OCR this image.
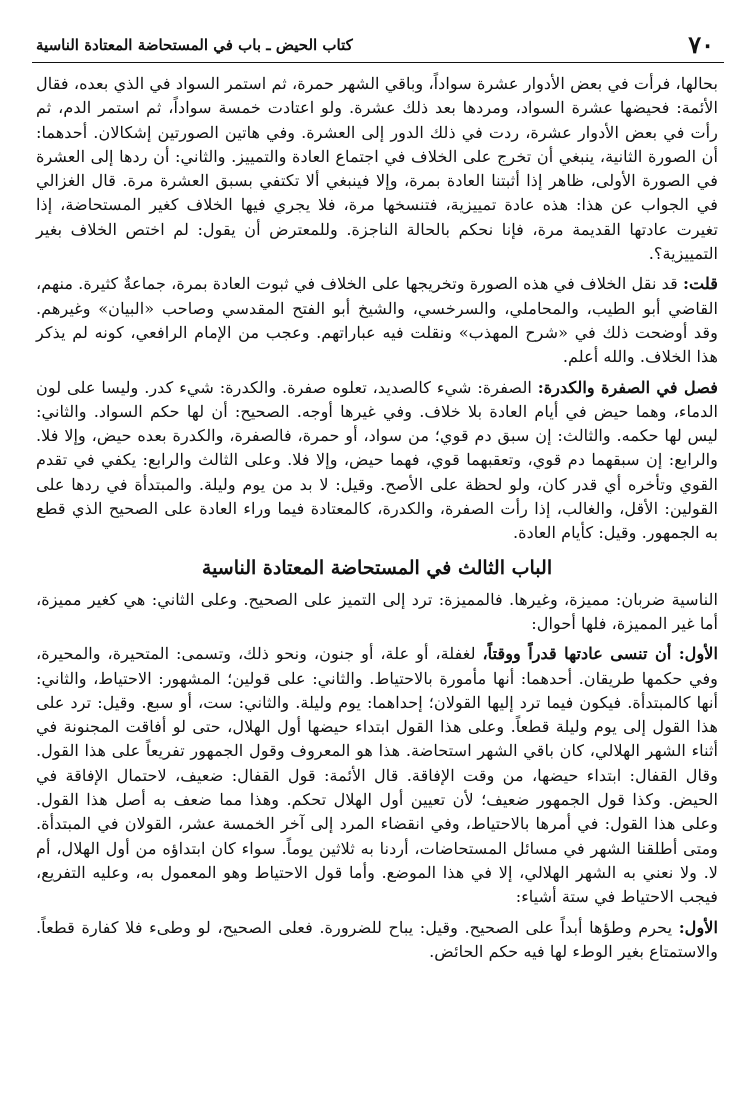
٧٠
كتاب الحيض ـ باب في المستحاضة المعتادة الناسية

بحالها، فرأت في بعض الأدوار عشرة سواداً، وباقي الشهر حمرة، ثم استمر السواد في الذي بعده، فقال الأئمة: فحيضها عشرة السواد، ومردها بعد ذلك عشرة. ولو اعتادت خمسة سواداً، ثم استمر الدم، ثم رأت في بعض الأدوار عشرة، ردت في ذلك الدور إلى العشرة. وفي هاتين الصورتين إشكالان. أحدهما: أن الصورة الثانية، ينبغي أن تخرج على الخلاف في اجتماع العادة والتمييز. والثاني: أن ردها إلى العشرة في الصورة الأولى، ظاهر إذا أثبتنا العادة بمرة، وإلا فينبغي ألا تكتفي بسبق العشرة مرة. قال الغزالي في الجواب عن هذا: هذه عادة تمييزية، فتنسخها مرة، فلا يجري فيها الخلاف كغير المستحاضة، إذا تغيرت عادتها القديمة مرة، فإنا نحكم بالحالة الناجزة. وللمعترض أن يقول: لم اختص الخلاف بغير التمييزية؟.

قلت: قد نقل الخلاف في هذه الصورة وتخريجها على الخلاف في ثبوت العادة بمرة، جماعةٌ كثيرة. منهم، القاضي أبو الطيب، والمحاملي، والسرخسي، والشيخ أبو الفتح المقدسي وصاحب «البيان» وغيرهم. وقد أوضحت ذلك في «شرح المهذب» ونقلت فيه عباراتهم. وعجب من الإمام الرافعي، كونه لم يذكر هذا الخلاف. والله أعلم.

فصل في الصفرة والكدرة: الصفرة: شيء كالصديد، تعلوه صفرة. والكدرة: شيء كدر. وليسا على لون الدماء، وهما حيض في أيام العادة بلا خلاف. وفي غيرها أوجه. الصحيح: أن لها حكم السواد. والثاني: ليس لها حكمه. والثالث: إن سبق دم قوي؛ من سواد، أو حمرة، فالصفرة، والكدرة بعده حيض، وإلا فلا. والرابع: إن سبقهما دم قوي، وتعقبهما قوي، فهما حيض، وإلا فلا. وعلى الثالث والرابع: يكفي في تقدم القوي وتأخره أي قدر كان، ولو لحظة على الأصح. وقيل: لا بد من يوم وليلة. والمبتدأة في ردها على القولين: الأقل، والغالب، إذا رأت الصفرة، والكدرة، كالمعتادة فيما وراء العادة على الصحيح الذي قطع به الجمهور. وقيل: كأيام العادة.

الباب الثالث في المستحاضة المعتادة الناسية

الناسية ضربان: مميزة، وغيرها. فالمميزة: ترد إلى التميز على الصحيح. وعلى الثاني: هي كغير مميزة، أما غير المميزة، فلها أحوال:

الأول: أن تنسى عادتها قدراً ووقتاً، لغفلة، أو علة، أو جنون، ونحو ذلك، وتسمى: المتحيرة، والمحيرة، وفي حكمها طريقان. أحدهما: أنها مأمورة بالاحتياط. والثاني: على قولين؛ المشهور: الاحتياط، والثاني: أنها كالمبتدأة. فيكون فيما ترد إليها القولان؛ إحداهما: يوم وليلة. والثاني: ست، أو سبع. وقيل: ترد على هذا القول إلى يوم وليلة قطعاً. وعلى هذا القول ابتداء حيضها أول الهلال، حتى لو أفاقت المجنونة في أثناء الشهر الهلالي، كان باقي الشهر استحاضة. هذا هو المعروف وقول الجمهور تفريعاً على هذا القول. وقال القفال: ابتداء حيضها، من وقت الإفاقة. قال الأئمة: قول القفال: ضعيف، لاحتمال الإفاقة في الحيض. وكذا قول الجمهور ضعيف؛ لأن تعيين أول الهلال تحكم. وهذا مما ضعف به أصل هذا القول. وعلى هذا القول: في أمرها بالاحتياط، وفي انقضاء المرد إلى آخر الخمسة عشر، القولان في المبتدأة. ومتى أطلقنا الشهر في مسائل المستحاضات، أردنا به ثلاثين يوماً. سواء كان ابتداؤه من أول الهلال، أم لا. ولا نعني به الشهر الهلالي، إلا في هذا الموضع. وأما قول الاحتياط وهو المعمول به، وعليه التفريع، فيجب الاحتياط في ستة أشياء:

الأول: يحرم وطؤها أبداً على الصحيح. وقيل: يباح للضرورة. فعلى الصحيح، لو وطىء فلا كفارة قطعاً. والاستمتاع بغير الوطء لها فيه حكم الحائض.
